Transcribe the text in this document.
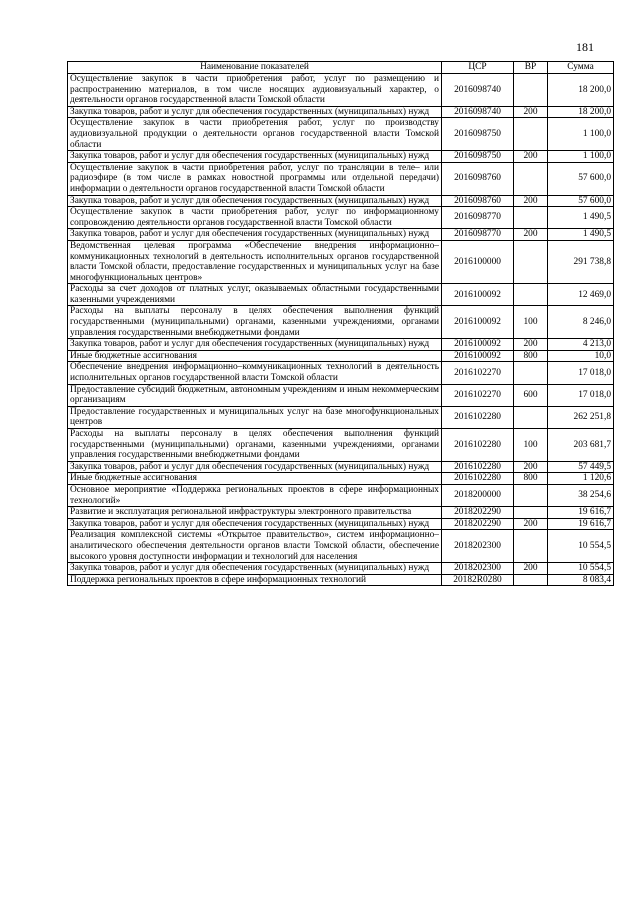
181
Наименование показателей	ЦСР	ВР	Сумма
Осуществление закупок в части приобретения работ, услуг по размещению и распространению материалов, в том числе носящих аудиовизуальный характер, о деятельности органов государственной власти Томской области	2016098740		18 200,0
Закупка товаров, работ и услуг для обеспечения государственных (муниципальных) нужд	2016098740	200	18 200,0
Осуществление закупок в части приобретения работ, услуг по производству аудиовизуальной продукции о деятельности органов государственной власти Томской области	2016098750		1 100,0
Закупка товаров, работ и услуг для обеспечения государственных (муниципальных) нужд	2016098750	200	1 100,0
Осуществление закупок в части приобретения работ, услуг по трансляции в теле– или радиоэфире (в том числе в рамках новостной программы или отдельной передачи) информации о деятельности органов государственной власти Томской области	2016098760		57 600,0
Закупка товаров, работ и услуг для обеспечения государственных (муниципальных) нужд	2016098760	200	57 600,0
Осуществление закупок в части приобретения работ, услуг по информационному сопровождению деятельности органов государственной власти Томской области	2016098770		1 490,5
Закупка товаров, работ и услуг для обеспечения государственных (муниципальных) нужд	2016098770	200	1 490,5
Ведомственная целевая программа «Обеспечение внедрения информационно–коммуникационных технологий в деятельность исполнительных органов государственной власти Томской области, предоставление государственных и муниципальных услуг на базе многофункциональных центров»	2016100000		291 738,8
Расходы за счет доходов от платных услуг, оказываемых областными государственными казенными учреждениями	2016100092		12 469,0
Расходы на выплаты персоналу в целях обеспечения выполнения функций государственными (муниципальными) органами, казенными учреждениями, органами управления государственными внебюджетными фондами	2016100092	100	8 246,0
Закупка товаров, работ и услуг для обеспечения государственных (муниципальных) нужд	2016100092	200	4 213,0
Иные бюджетные ассигнования	2016100092	800	10,0
Обеспечение внедрения информационно–коммуникационных технологий в деятельность исполнительных органов государственной власти Томской области	2016102270		17 018,0
Предоставление субсидий бюджетным, автономным учреждениям и иным некоммерческим организациям	2016102270	600	17 018,0
Предоставление государственных и муниципальных услуг на базе многофункциональных центров	2016102280		262 251,8
Расходы на выплаты персоналу в целях обеспечения выполнения функций государственными (муниципальными) органами, казенными учреждениями, органами управления государственными внебюджетными фондами	2016102280	100	203 681,7
Закупка товаров, работ и услуг для обеспечения государственных (муниципальных) нужд	2016102280	200	57 449,5
Иные бюджетные ассигнования	2016102280	800	1 120,6
Основное мероприятие «Поддержка региональных проектов в сфере информационных технологий»	2018200000		38 254,6
Развитие и эксплуатация региональной инфраструктуры электронного правительства	2018202290		19 616,7
Закупка товаров, работ и услуг для обеспечения государственных (муниципальных) нужд	2018202290	200	19 616,7
Реализация комплексной системы «Открытое правительство», систем информационно–аналитического обеспечения деятельности органов власти Томской области, обеспечение высокого уровня доступности информации и технологий для населения	2018202300		10 554,5
Закупка товаров, работ и услуг для обеспечения государственных (муниципальных) нужд	2018202300	200	10 554,5
Поддержка региональных проектов в сфере информационных технологий	20182R0280		8 083,4
